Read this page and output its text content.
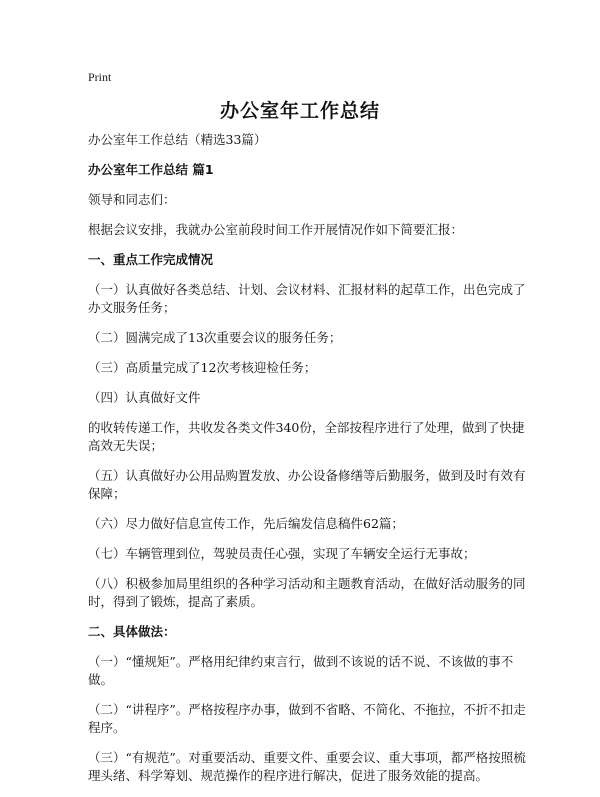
Print
办公室年工作总结

办公室年工作总结（精选33篇）

办公室年工作总结 篇1

领导和同志们：

根据会议安排，我就办公室前段时间工作开展情况作如下简要汇报：

一、重点工作完成情况

（一）认真做好各类总结、计划、会议材料、汇报材料的起草工作，出色完成了办文服务任务；

（二）圆满完成了13次重要会议的服务任务；

（三）高质量完成了12次考核迎检任务；

（四）认真做好文件

的收转传递工作，共收发各类文件340份，全部按程序进行了处理，做到了快捷高效无失误；

（五）认真做好办公用品购置发放、办公设备修缮等后勤服务，做到及时有效有保障；

（六）尽力做好信息宣传工作，先后编发信息稿件62篇；

（七）车辆管理到位，驾驶员责任心强，实现了车辆安全运行无事故；

（八）积极参加局里组织的各种学习活动和主题教育活动，在做好活动服务的同时，得到了锻炼，提高了素质。

二、具体做法：

（一）“懂规矩”。严格用纪律约束言行，做到不该说的话不说、不该做的事不做。

（二）“讲程序”。严格按程序办事，做到不省略、不简化、不拖拉，不折不扣走程序。

（三）“有规范”。对重要活动、重要文件、重要会议、重大事项，都严格按照梳理头绪、科学筹划、规范操作的程序进行解决，促进了服务效能的提高。
